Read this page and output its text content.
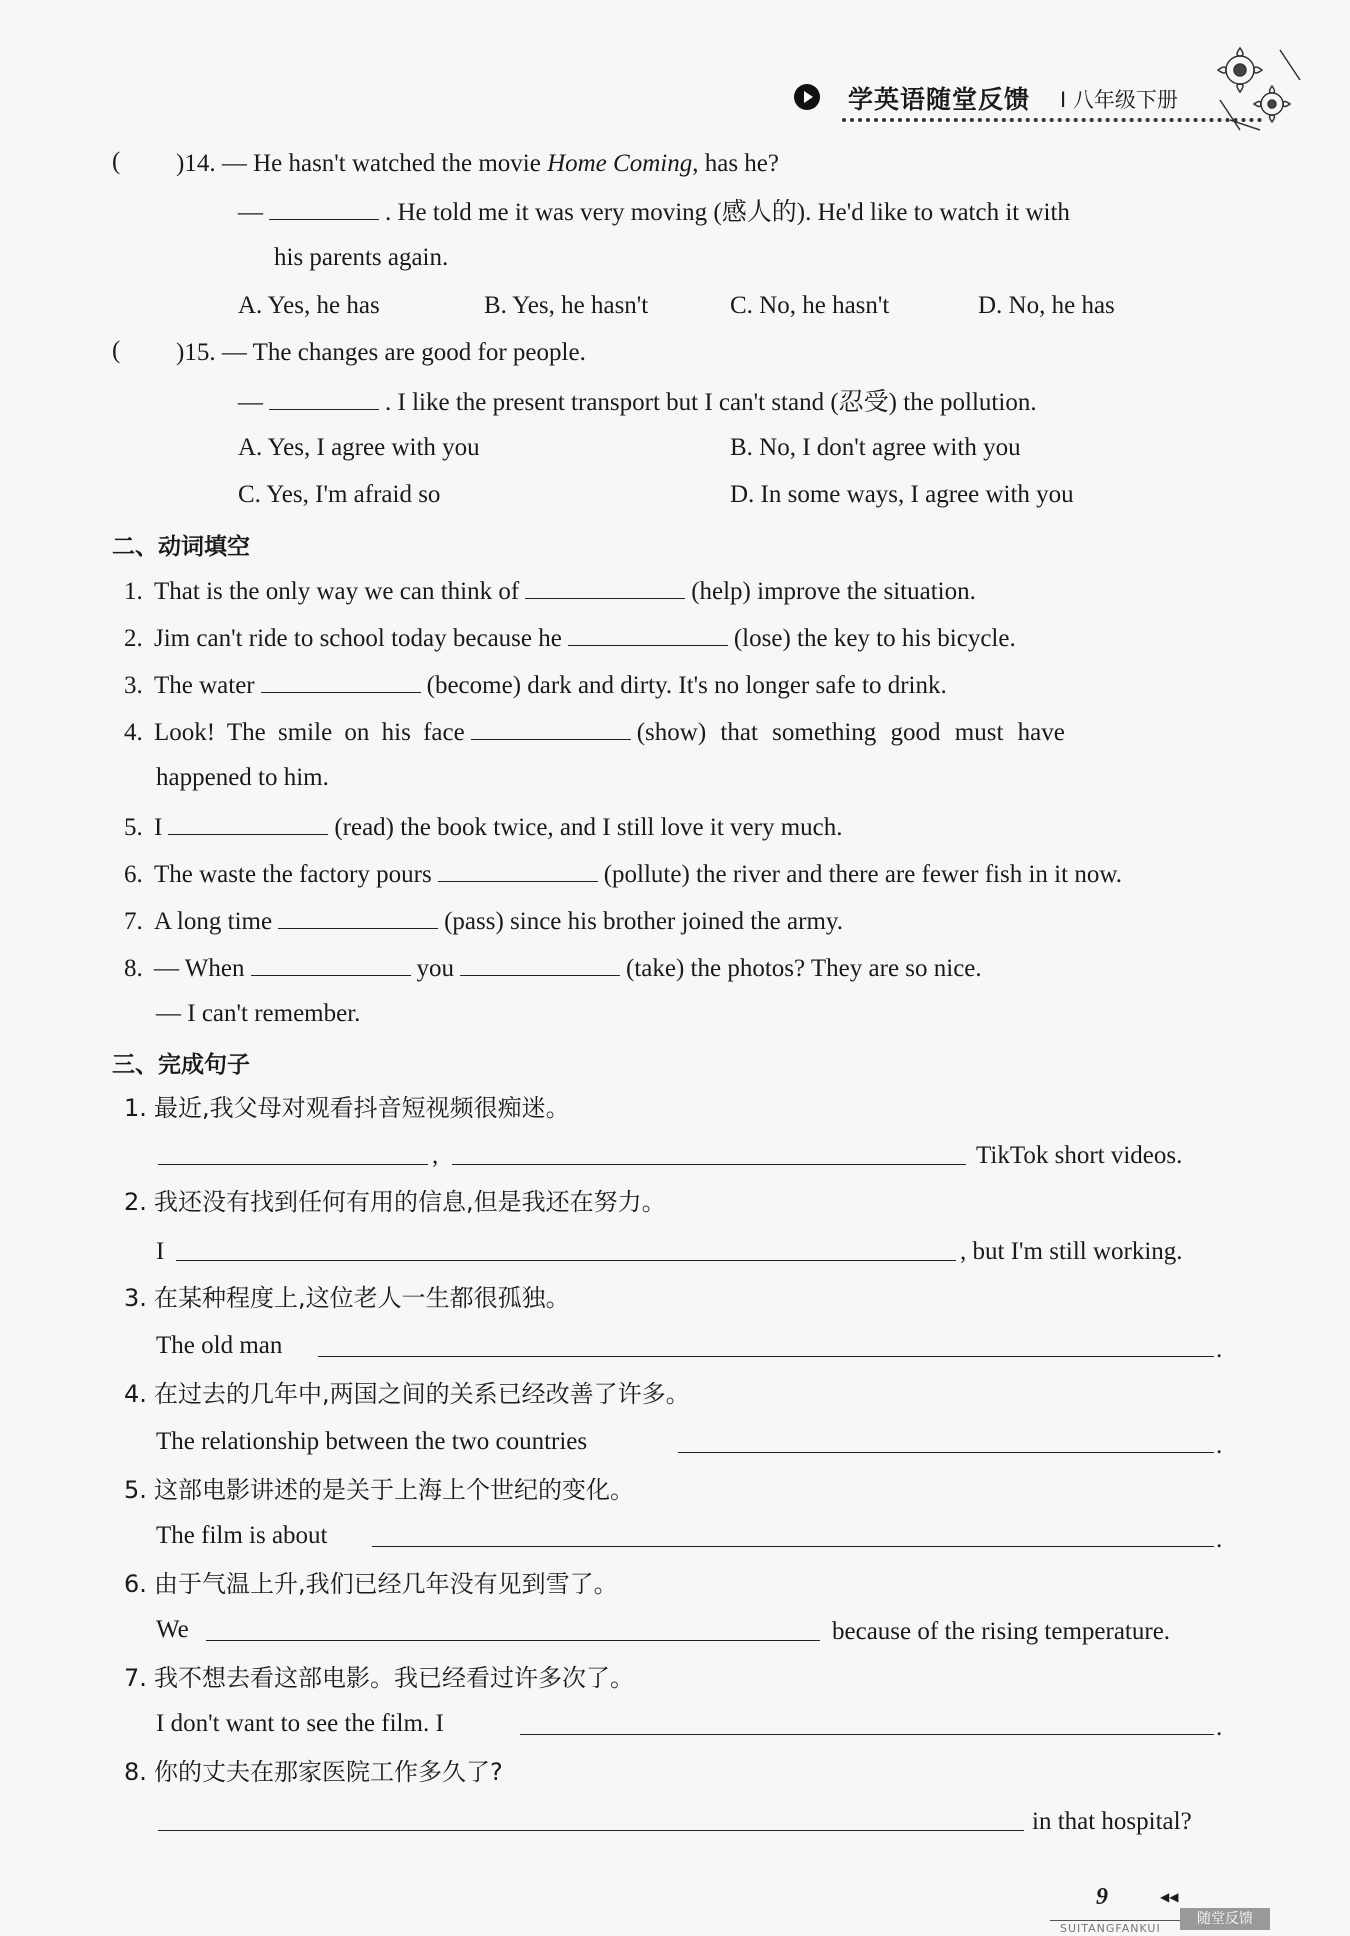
学英语随堂反馈 I 八年级下册
( )14. — He hasn't watched the movie Home Coming, has he?
—	. He told me it was very moving (感人的). He'd like to watch it with
his parents again.
A. Yes, he has	B. Yes, he hasn't	C. No, he hasn't	D. No, he has
( )15. — The changes are good for people.
—	. I like the present transport but I can't stand (忍受) the pollution.
A. Yes, I agree with you	B. No, I don't agree with you
C. Yes, I'm afraid so	D. In some ways, I agree with you
二、动词填空
1. That is the only way we can think of	(help) improve the situation.
2. Jim can't ride to school today because he	(lose) the key to his bicycle.
3. The water	(become) dark and dirty. It's no longer safe to drink.
4. Look! The smile on his face	(show) that something good must have
happened to him.
5. I	(read) the book twice, and I still love it very much.
6. The waste the factory pours	(pollute) the river and there are fewer fish in it now.
7. A long time	(pass) since his brother joined the army.
8. — When	you	(take) the photos? They are so nice.
— I can't remember.
三、完成句子
1. 最近,我父母对观看抖音短视频很痴迷。
,	TikTok short videos.
2. 我还没有找到任何有用的信息,但是我还在努力。
I	, but I'm still working.
3. 在某种程度上,这位老人一生都很孤独。
The old man	.
4. 在过去的几年中,两国之间的关系已经改善了许多。
The relationship between the two countries	.
5. 这部电影讲述的是关于上海上个世纪的变化。
The film is about	.
6. 由于气温上升,我们已经几年没有见到雪了。
We	because of the rising temperature.
7. 我不想去看这部电影。我已经看过许多次了。
I don't want to see the film. I	.
8. 你的丈夫在那家医院工作多久了?
in that hospital?
9	◀◀
随堂反馈
SUITANGFANKUI
